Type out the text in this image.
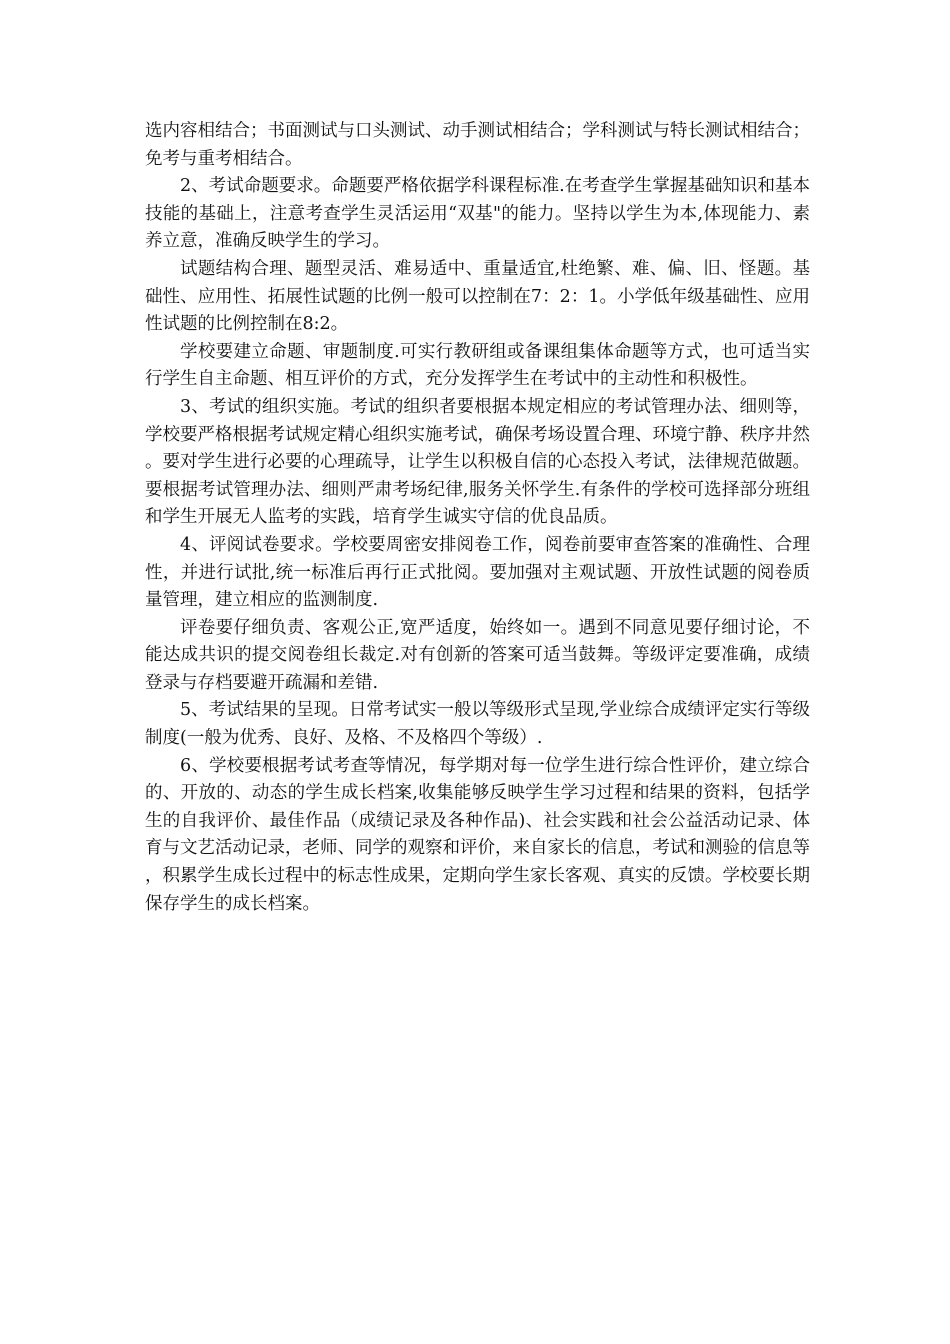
选内容相结合；书面测试与口头测试、动手测试相结合；学科测试与特长测试相结合；免考与重考相结合。

2、考试命题要求。命题要严格依据学科课程标准.在考查学生掌握基础知识和基本技能的基础上，注意考查学生灵活运用“双基"的能力。坚持以学生为本,体现能力、素养立意，准确反映学生的学习。

试题结构合理、题型灵活、难易适中、重量适宜,杜绝繁、难、偏、旧、怪题。基础性、应用性、拓展性试题的比例一般可以控制在7：2：1。小学低年级基础性、应用性试题的比例控制在8:2。

学校要建立命题、审题制度.可实行教研组或备课组集体命题等方式，也可适当实行学生自主命题、相互评价的方式，充分发挥学生在考试中的主动性和积极性。

3、考试的组织实施。考试的组织者要根据本规定相应的考试管理办法、细则等，学校要严格根据考试规定精心组织实施考试，确保考场设置合理、环境宁静、秩序井然。要对学生进行必要的心理疏导，让学生以积极自信的心态投入考试，法律规范做题。要根据考试管理办法、细则严肃考场纪律,服务关怀学生.有条件的学校可选择部分班组和学生开展无人监考的实践，培育学生诚实守信的优良品质。

4、评阅试卷要求。学校要周密安排阅卷工作，阅卷前要审查答案的准确性、合理性，并进行试批,统一标准后再行正式批阅。要加强对主观试题、开放性试题的阅卷质量管理，建立相应的监测制度.

评卷要仔细负责、客观公正,宽严适度，始终如一。遇到不同意见要仔细讨论，不能达成共识的提交阅卷组长裁定.对有创新的答案可适当鼓舞。等级评定要准确，成绩登录与存档要避开疏漏和差错.

5、考试结果的呈现。日常考试实一般以等级形式呈现,学业综合成绩评定实行等级制度(一般为优秀、良好、及格、不及格四个等级）.

6、学校要根据考试考查等情况，每学期对每一位学生进行综合性评价，建立综合的、开放的、动态的学生成长档案,收集能够反映学生学习过程和结果的资料，包括学生的自我评价、最佳作品（成绩记录及各种作品)、社会实践和社会公益活动记录、体育与文艺活动记录，老师、同学的观察和评价，来自家长的信息，考试和测验的信息等，积累学生成长过程中的标志性成果，定期向学生家长客观、真实的反馈。学校要长期保存学生的成长档案。
